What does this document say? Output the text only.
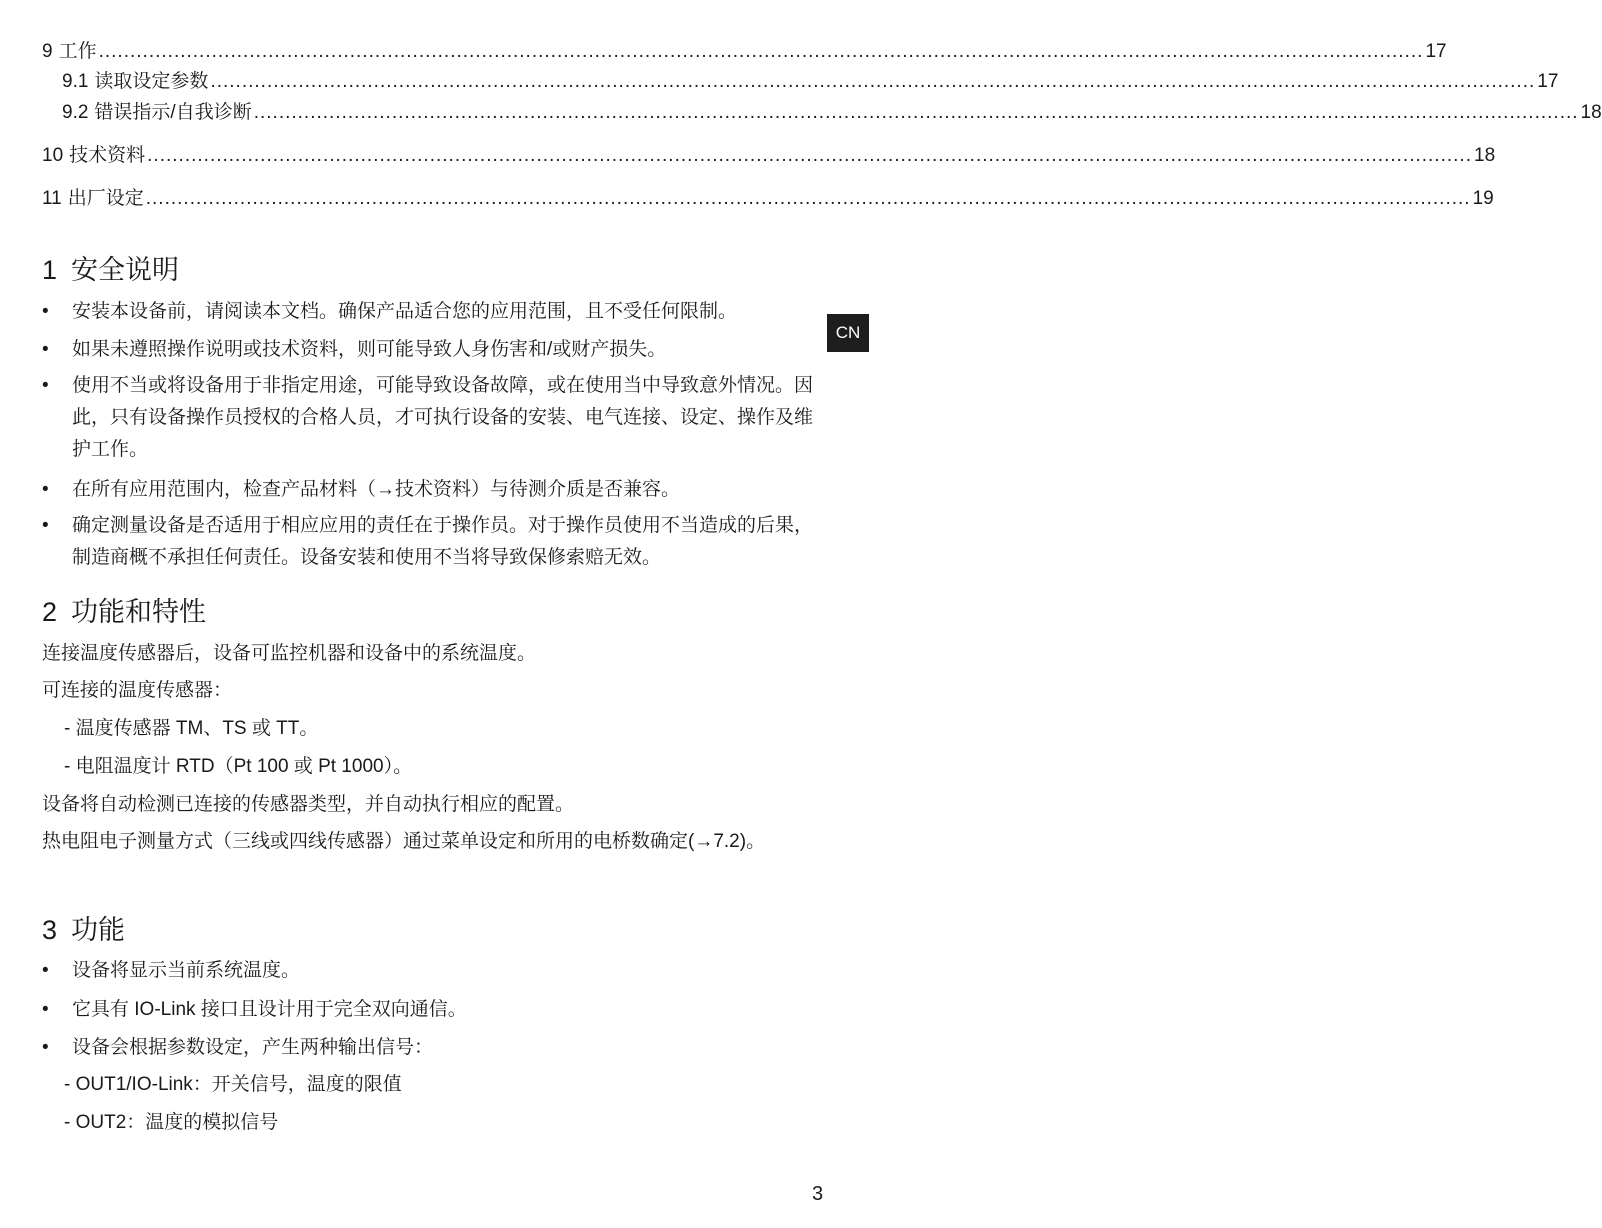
9 工作 ................................................................................................................................................................................................................... 17
9.1 读取设定参数 ................................................................................................................................................................................................................... 17
9.2 错误指示/自我诊断 ................................................................................................................................................................................................................... 18
10 技术资料 ................................................................................................................................................................................................................... 18
11 出厂设定 ................................................................................................................................................................................................................... 19
1 安全说明
• 安装本设备前，请阅读本文档。确保产品适合您的应用范围，且不受任何限制。
• 如果未遵照操作说明或技术资料，则可能导致人身伤害和/或财产损失。
• 使用不当或将设备用于非指定用途，可能导致设备故障，或在使用当中导致意外情况。因此，只有设备操作员授权的合格人员，才可执行设备的安装、电气连接、设定、操作及维护工作。
• 在所有应用范围内，检查产品材料（→技术资料）与待测介质是否兼容。
• 确定测量设备是否适用于相应应用的责任在于操作员。对于操作员使用不当造成的后果，制造商概不承担任何责任。设备安装和使用不当将导致保修索赔无效。
2 功能和特性
连接温度传感器后，设备可监控机器和设备中的系统温度。
可连接的温度传感器：
- 温度传感器 TM、TS 或 TT。
- 电阻温度计 RTD（Pt 100 或 Pt 1000）。
设备将自动检测已连接的传感器类型，并自动执行相应的配置。
热电阻电子测量方式（三线或四线传感器）通过菜单设定和所用的电桥数确定(→7.2)。
3 功能
• 设备将显示当前系统温度。
• 它具有 IO-Link 接口且设计用于完全双向通信。
• 设备会根据参数设定，产生两种输出信号：
- OUT1/IO-Link：开关信号，温度的限值
- OUT2：温度的模拟信号
CN
3
